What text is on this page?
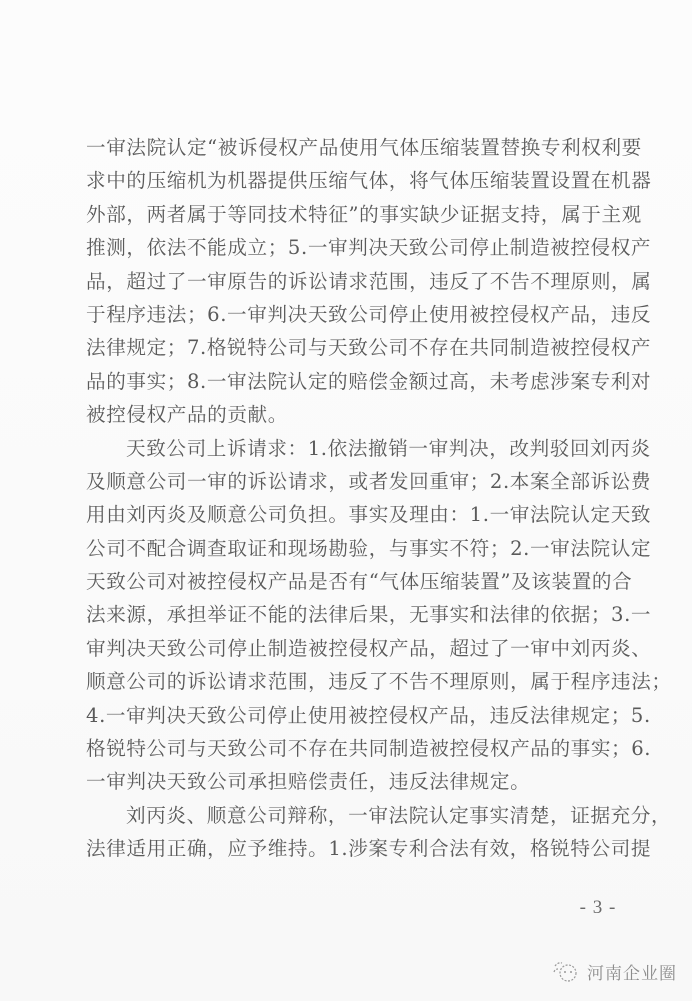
一审法院认定“被诉侵权产品使用气体压缩装置替换专利权利要
求中的压缩机为机器提供压缩气体，将气体压缩装置设置在机器
外部，两者属于等同技术特征”的事实缺少证据支持，属于主观
推测，依法不能成立；5.一审判决天致公司停止制造被控侵权产
品，超过了一审原告的诉讼请求范围，违反了不告不理原则，属
于程序违法；6.一审判决天致公司停止使用被控侵权产品，违反
法律规定；7.格锐特公司与天致公司不存在共同制造被控侵权产
品的事实；8.一审法院认定的赔偿金额过高，未考虑涉案专利对
被控侵权产品的贡献。
天致公司上诉请求：1.依法撤销一审判决，改判驳回刘丙炎
及顺意公司一审的诉讼请求，或者发回重审；2.本案全部诉讼费
用由刘丙炎及顺意公司负担。事实及理由：1.一审法院认定天致
公司不配合调查取证和现场勘验，与事实不符；2.一审法院认定
天致公司对被控侵权产品是否有“气体压缩装置”及该装置的合
法来源，承担举证不能的法律后果，无事实和法律的依据；3.一
审判决天致公司停止制造被控侵权产品，超过了一审中刘丙炎、
顺意公司的诉讼请求范围，违反了不告不理原则，属于程序违法；
4.一审判决天致公司停止使用被控侵权产品，违反法律规定；5.
格锐特公司与天致公司不存在共同制造被控侵权产品的事实；6.
一审判决天致公司承担赔偿责任，违反法律规定。
刘丙炎、顺意公司辩称，一审法院认定事实清楚，证据充分，
法律适用正确，应予维持。1.涉案专利合法有效，格锐特公司提
- 3 -
河南企业圈
